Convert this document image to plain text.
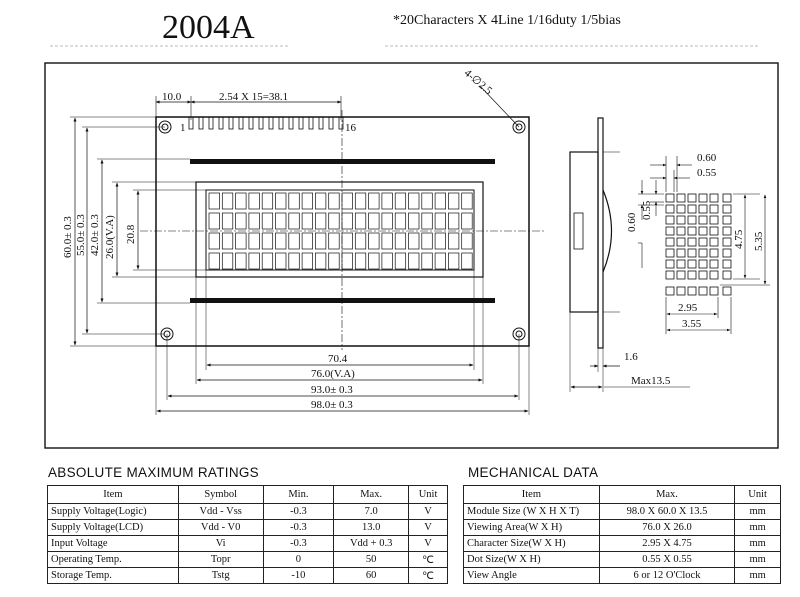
2004A	*20Characters X 4Line 1/16duty 1/5bias
1	16
10.0	2.54 X 15=38.1	4-∅2.5
60.0± 0.3 55.0± 0.3 42.0± 0.3 26.0(V.A) 20.8
70.4
76.0(V.A)
93.0± 0.3
98.0± 0.3
1.6
Max13.5
0.60
0.55
0.60
0.55
4.75 5.35
2.95
3.55
ABSOLUTE MAXIMUM RATINGS
Item	Symbol	Min.	Max.	Unit
Supply Voltage(Logic)	Vdd - Vss	-0.3	7.0	V
Supply Voltage(LCD)	Vdd - V0	-0.3	13.0	V
Input Voltage	Vi	-0.3	Vdd + 0.3	V
Operating Temp.	Topr	0	50	℃
Storage Temp.	Tstg	-10	60	℃
MECHANICAL DATA
Item	Max.	Unit
Module Size (W X H X T)	98.0 X 60.0 X 13.5	mm
Viewing Area(W X H)	76.0 X 26.0	mm
Character Size(W X H)	2.95 X 4.75	mm
Dot Size(W X H)	0.55 X 0.55	mm
View Angle	6 or 12 O'Clock	mm
